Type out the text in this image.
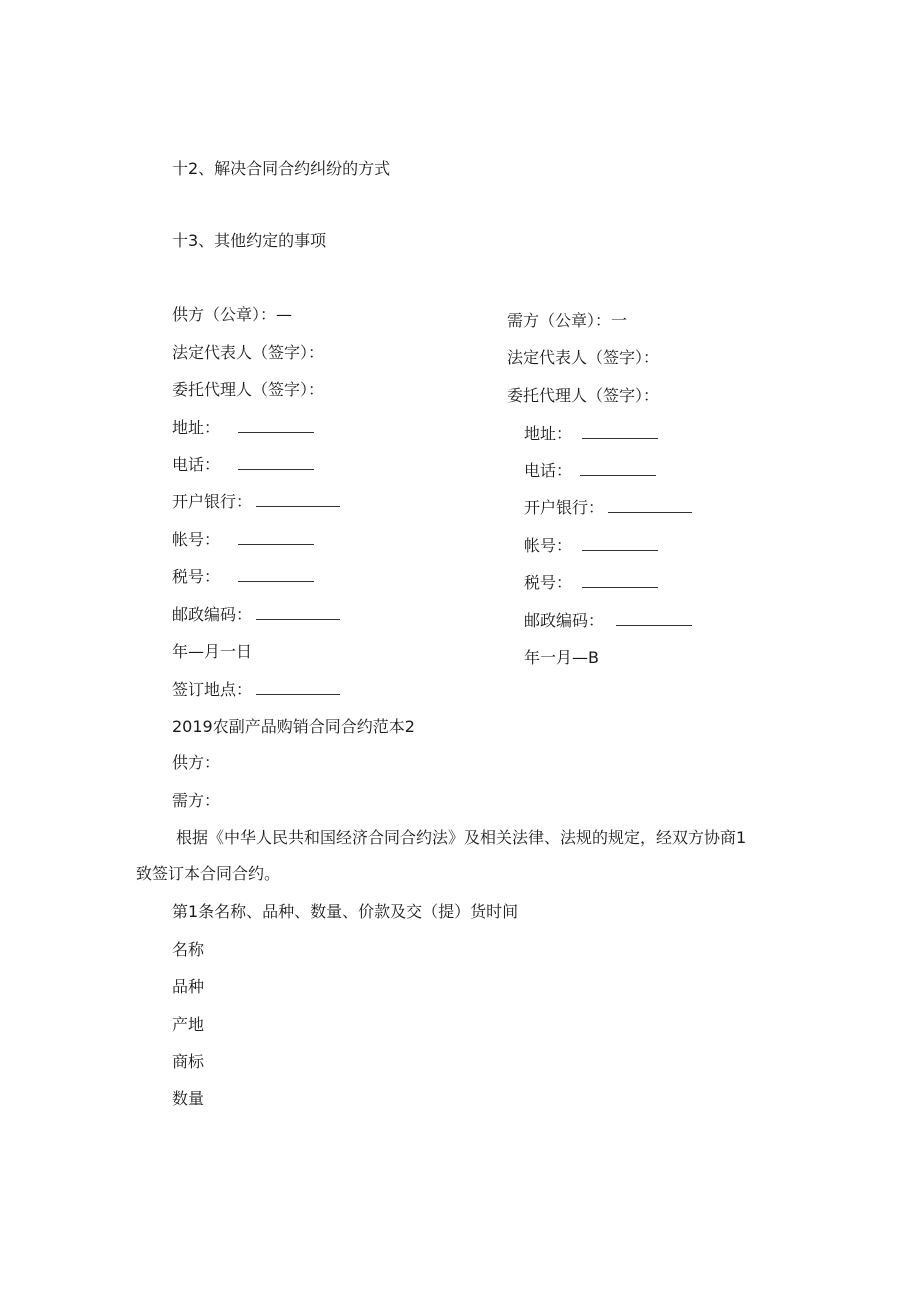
十2、解决合同合约纠纷的方式
十3、其他约定的事项
供方（公章）：—
法定代表人（签字）：
委托代理人（签字）：
地址：
电话：
开户银行：
帐号：
税号：
邮政编码：
年—月一日
签订地点：
需方（公章）：一
法定代表人（签字）：
委托代理人（签字）：
地址：
电话：
开户银行：
帐号：
税号：
邮政编码：
年一月—B
2019农副产品购销合同合约范本2
供方：
需方：
根据《中华人民共和国经济合同合约法》及相关法律、法规的规定，经双方协商1
致签订本合同合约。
第1条名称、品种、数量、价款及交（提）货时间
名称
品种
产地
商标
数量
